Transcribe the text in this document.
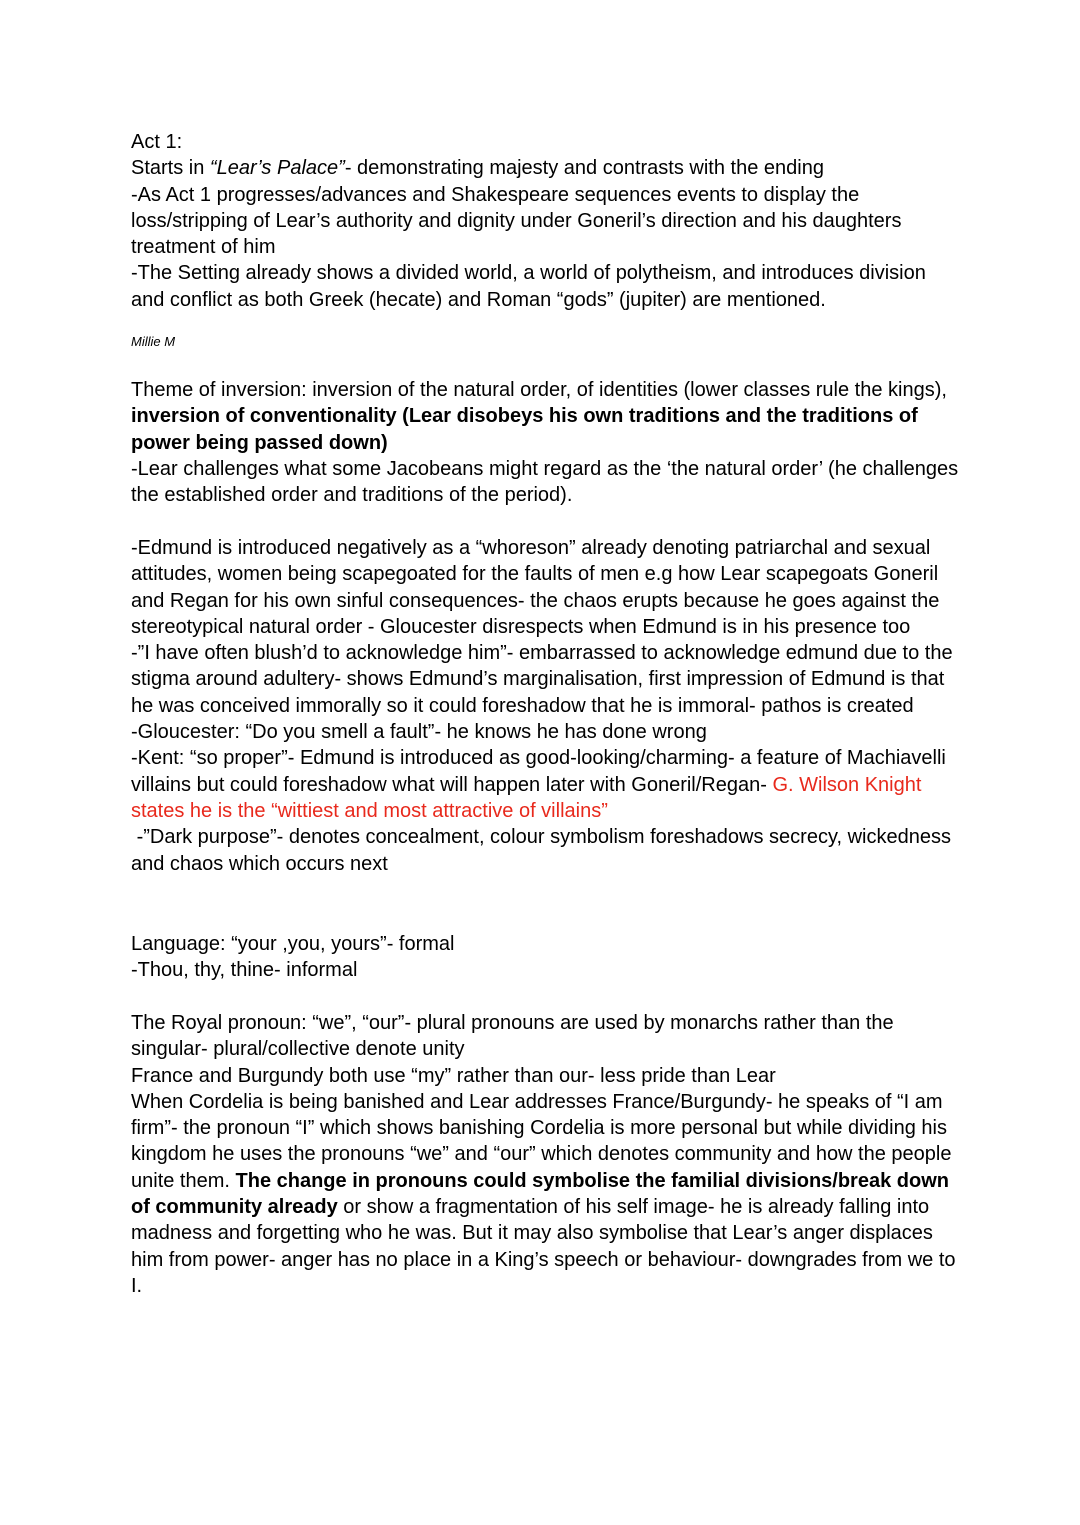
Act 1:

Starts in “Lear’s Palace”- demonstrating majesty and contrasts with the ending

-As Act 1 progresses/advances and Shakespeare sequences events to display the loss/stripping of Lear’s authority and dignity under Goneril’s direction and his daughters treatment of him

-The Setting already shows a divided world, a world of polytheism, and introduces division and conflict as both Greek (hecate) and Roman “gods” (jupiter) are mentioned.

Millie M

Theme of inversion: inversion of the natural order, of identities (lower classes rule the kings), inversion of conventionality (Lear disobeys his own traditions and the traditions of power being passed down)

-Lear challenges what some Jacobeans might regard as the ‘the natural order’ (he challenges the established order and traditions of the period).

-Edmund is introduced negatively as a “whoreson” already denoting patriarchal and sexual attitudes, women being scapegoated for the faults of men e.g how Lear scapegoats Goneril and Regan for his own sinful consequences- the chaos erupts because he goes against the stereotypical natural order - Gloucester disrespects when Edmund is in his presence too

-”I have often blush’d to acknowledge him”- embarrassed to acknowledge edmund due to the stigma around adultery- shows Edmund’s marginalisation, first impression of Edmund is that he was conceived immorally so it could foreshadow that he is immoral- pathos is created

-Gloucester: “Do you smell a fault”- he knows he has done wrong

-Kent: “so proper”- Edmund is introduced as good-looking/charming- a feature of Machiavelli villains but could foreshadow what will happen later with Goneril/Regan- G. Wilson Knight states he is the “wittiest and most attractive of villains”

-”Dark purpose”- denotes concealment, colour symbolism foreshadows secrecy, wickedness and chaos which occurs next

Language: “your ,you, yours”- formal

-Thou, thy, thine- informal

The Royal pronoun: “we”, “our”- plural pronouns are used by monarchs rather than the singular- plural/collective denote unity

France and Burgundy both use “my” rather than our- less pride than Lear

When Cordelia is being banished and Lear addresses France/Burgundy- he speaks of “I am firm”- the pronoun “I” which shows banishing Cordelia is more personal but while dividing his kingdom he uses the pronouns “we” and “our” which denotes community and how the people unite them. The change in pronouns could symbolise the familial divisions/break down of community already or show a fragmentation of his self image- he is already falling into madness and forgetting who he was. But it may also symbolise that Lear’s anger displaces him from power- anger has no place in a King’s speech or behaviour- downgrades from we to I.
